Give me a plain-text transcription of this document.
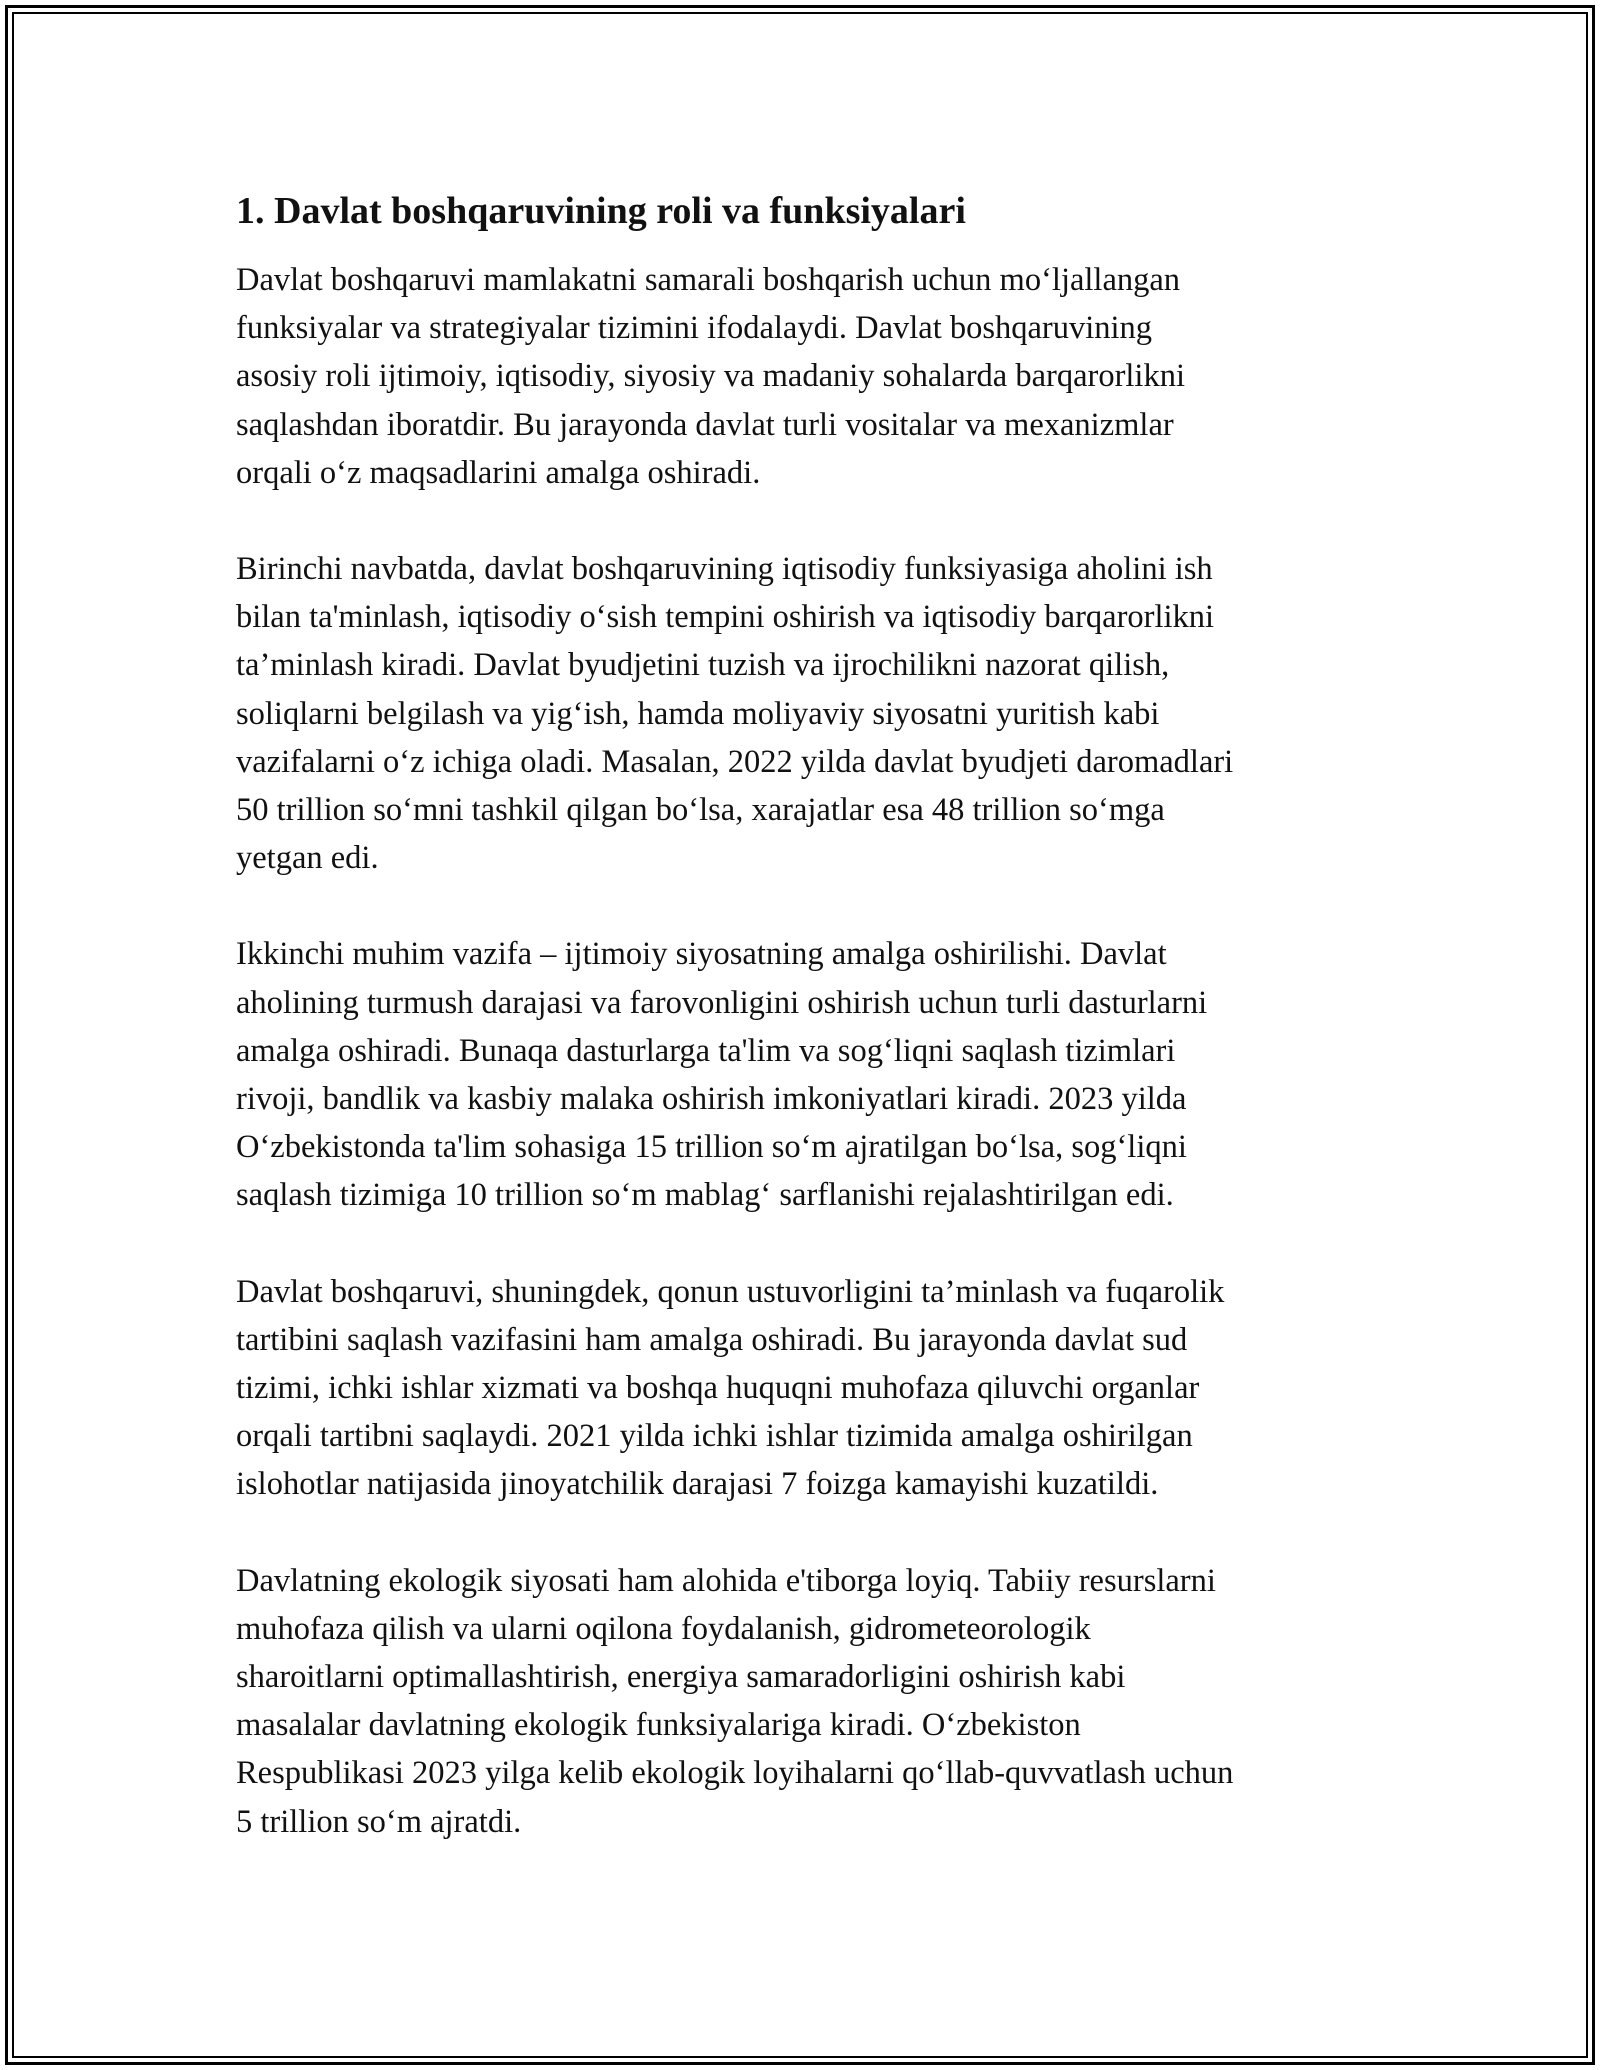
1. Davlat boshqaruvining roli va funksiyalari

Davlat boshqaruvi mamlakatni samarali boshqarish uchun mo‘ljallangan
funksiyalar va strategiyalar tizimini ifodalaydi. Davlat boshqaruvining
asosiy roli ijtimoiy, iqtisodiy, siyosiy va madaniy sohalarda barqarorlikni
saqlashdan iboratdir. Bu jarayonda davlat turli vositalar va mexanizmlar
orqali o‘z maqsadlarini amalga oshiradi.

Birinchi navbatda, davlat boshqaruvining iqtisodiy funksiyasiga aholini ish
bilan ta'minlash, iqtisodiy o‘sish tempini oshirish va iqtisodiy barqarorlikni
ta’minlash kiradi. Davlat byudjetini tuzish va ijrochilikni nazorat qilish,
soliqlarni belgilash va yig‘ish, hamda moliyaviy siyosatni yuritish kabi
vazifalarni o‘z ichiga oladi. Masalan, 2022 yilda davlat byudjeti daromadlari
50 trillion so‘mni tashkil qilgan bo‘lsa, xarajatlar esa 48 trillion so‘mga
yetgan edi.

Ikkinchi muhim vazifa – ijtimoiy siyosatning amalga oshirilishi. Davlat
aholining turmush darajasi va farovonligini oshirish uchun turli dasturlarni
amalga oshiradi. Bunaqa dasturlarga ta'lim va sog‘liqni saqlash tizimlari
rivoji, bandlik va kasbiy malaka oshirish imkoniyatlari kiradi. 2023 yilda
O‘zbekistonda ta'lim sohasiga 15 trillion so‘m ajratilgan bo‘lsa, sog‘liqni
saqlash tizimiga 10 trillion so‘m mablag‘ sarflanishi rejalashtirilgan edi.

Davlat boshqaruvi, shuningdek, qonun ustuvorligini ta’minlash va fuqarolik
tartibini saqlash vazifasini ham amalga oshiradi. Bu jarayonda davlat sud
tizimi, ichki ishlar xizmati va boshqa huquqni muhofaza qiluvchi organlar
orqali tartibni saqlaydi. 2021 yilda ichki ishlar tizimida amalga oshirilgan
islohotlar natijasida jinoyatchilik darajasi 7 foizga kamayishi kuzatildi.

Davlatning ekologik siyosati ham alohida e'tiborga loyiq. Tabiiy resurslarni
muhofaza qilish va ularni oqilona foydalanish, gidrometeorologik
sharoitlarni optimallashtirish, energiya samaradorligini oshirish kabi
masalalar davlatning ekologik funksiyalariga kiradi. O‘zbekiston
Respublikasi 2023 yilga kelib ekologik loyihalarni qo‘llab-quvvatlash uchun
5 trillion so‘m ajratdi.
